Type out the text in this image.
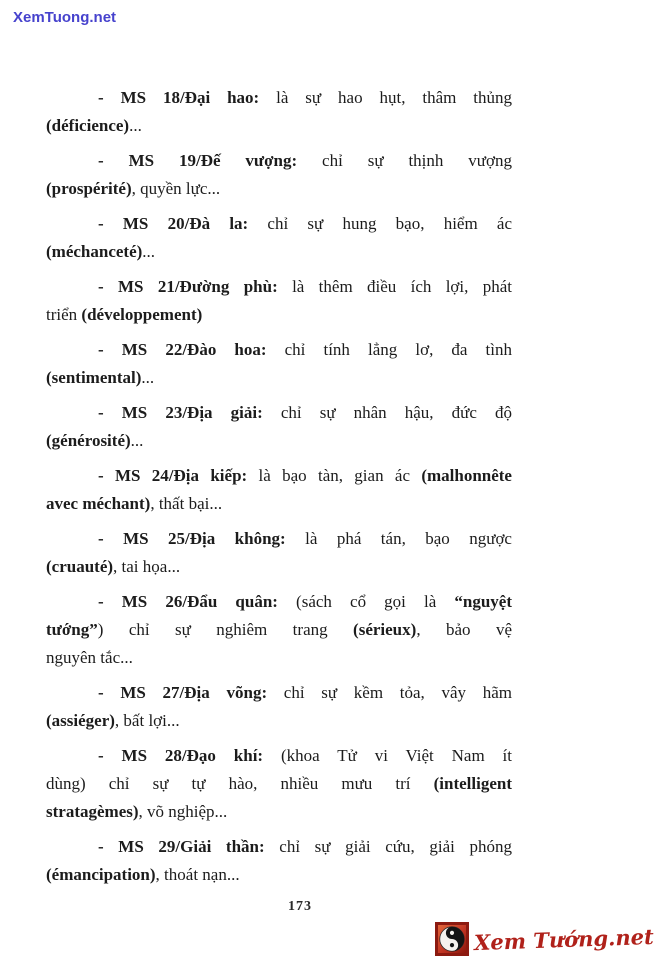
XemTuong.net
- MS 18/Đại hao: là sự hao hụt, thâm thủng
(déficience)...
- MS 19/Đế vượng: chỉ sự thịnh vượng
(prospérité), quyền lực...
- MS 20/Đà la: chỉ sự hung bạo, hiểm ác
(méchanceté)...
- MS 21/Đường phù: là thêm điều ích lợi, phát
triển (développement)
- MS 22/Đào hoa: chỉ tính lẳng lơ, đa tình
(sentimental)...
- MS 23/Địa giải: chỉ sự nhân hậu, đức độ
(générosité)...
- MS 24/Địa kiếp: là bạo tàn, gian ác (malhonnête
avec méchant), thất bại...
- MS 25/Địa không: là phá tán, bạo ngược
(cruauté), tai họa...
- MS 26/Đẩu quân: (sách cổ gọi là “nguyệt
tướng”) chỉ sự nghiêm trang (sérieux), bảo vệ
nguyên tắc...
- MS 27/Địa võng: chỉ sự kềm tỏa, vây hãm
(assiéger), bất lợi...
- MS 28/Đạo khí: (khoa Tử vi Việt Nam ít
dùng) chỉ sự tự hào, nhiều mưu trí (intelligent
stratagèmes), võ nghiệp...
- MS 29/Giải thần: chỉ sự giải cứu, giải phóng
(émancipation), thoát nạn...
173
Xem Tướng.net
